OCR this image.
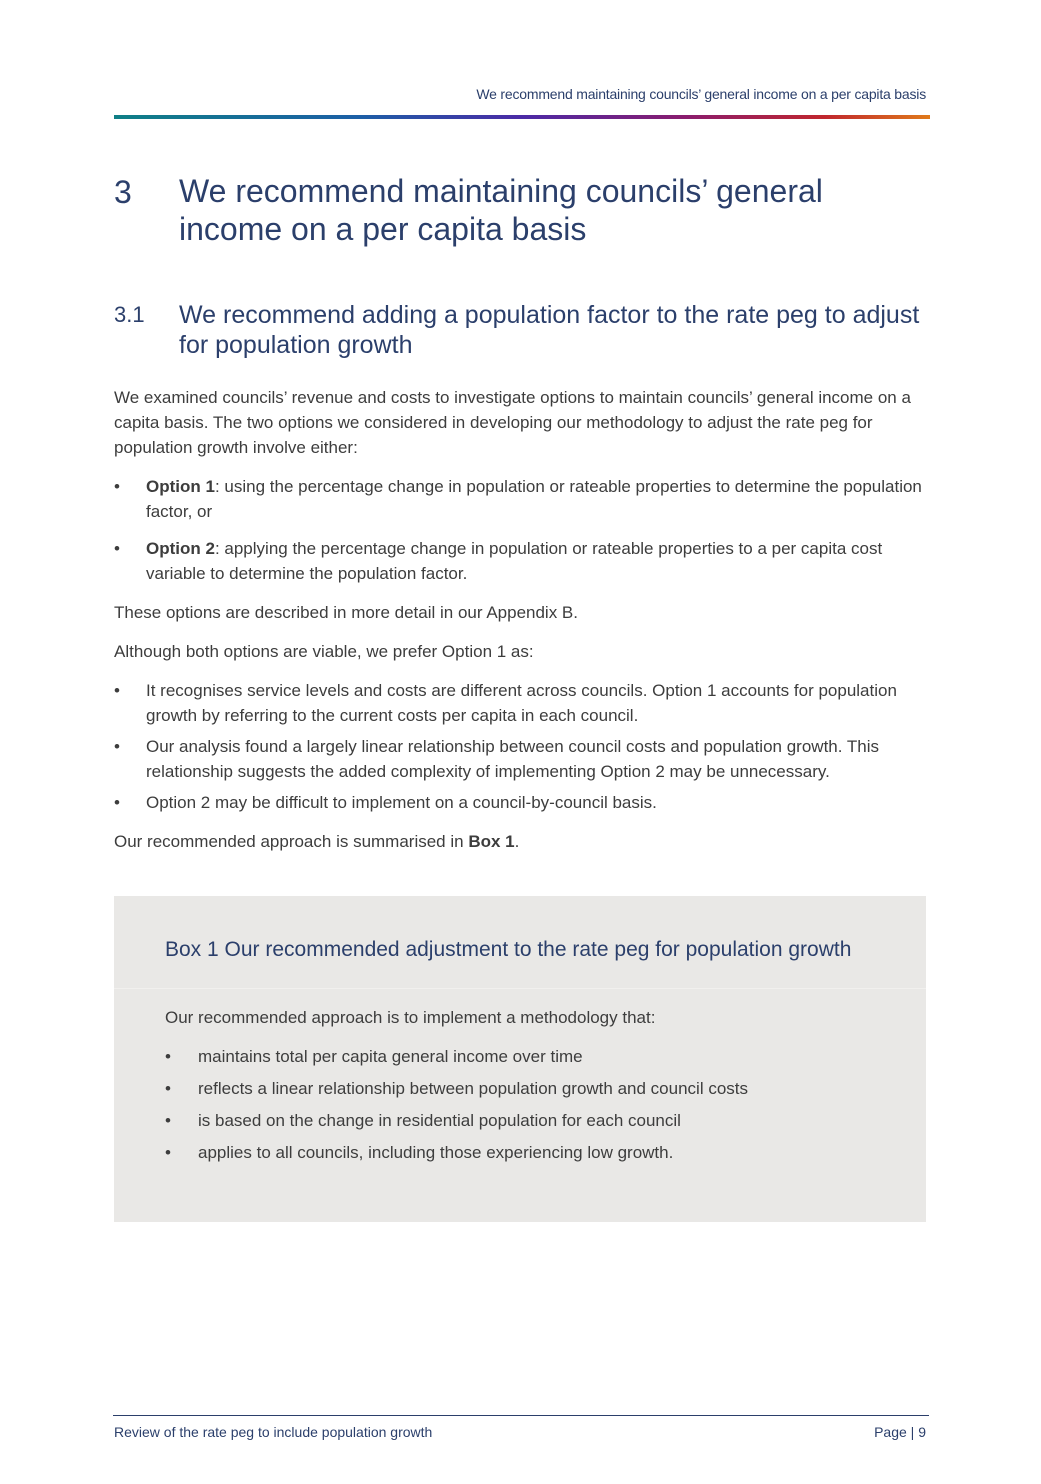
We recommend maintaining councils’ general income on a per capita basis
3 We recommend maintaining councils’ general income on a per capita basis
3.1 We recommend adding a population factor to the rate peg to adjust for population growth

We examined councils’ revenue and costs to investigate options to maintain councils’ general income on a capita basis. The two options we considered in developing our methodology to adjust the rate peg for population growth involve either:

• Option 1: using the percentage change in population or rateable properties to determine the population factor, or
• Option 2: applying the percentage change in population or rateable properties to a per capita cost variable to determine the population factor.

These options are described in more detail in our Appendix B.

Although both options are viable, we prefer Option 1 as:

• It recognises service levels and costs are different across councils. Option 1 accounts for population growth by referring to the current costs per capita in each council.
• Our analysis found a largely linear relationship between council costs and population growth. This relationship suggests the added complexity of implementing Option 2 may be unnecessary.
• Option 2 may be difficult to implement on a council-by-council basis.

Our recommended approach is summarised in Box 1.

Box 1 Our recommended adjustment to the rate peg for population growth

Our recommended approach is to implement a methodology that:

• maintains total per capita general income over time
• reflects a linear relationship between population growth and council costs
• is based on the change in residential population for each council
• applies to all councils, including those experiencing low growth.
Review of the rate peg to include population growth	Page | 9
